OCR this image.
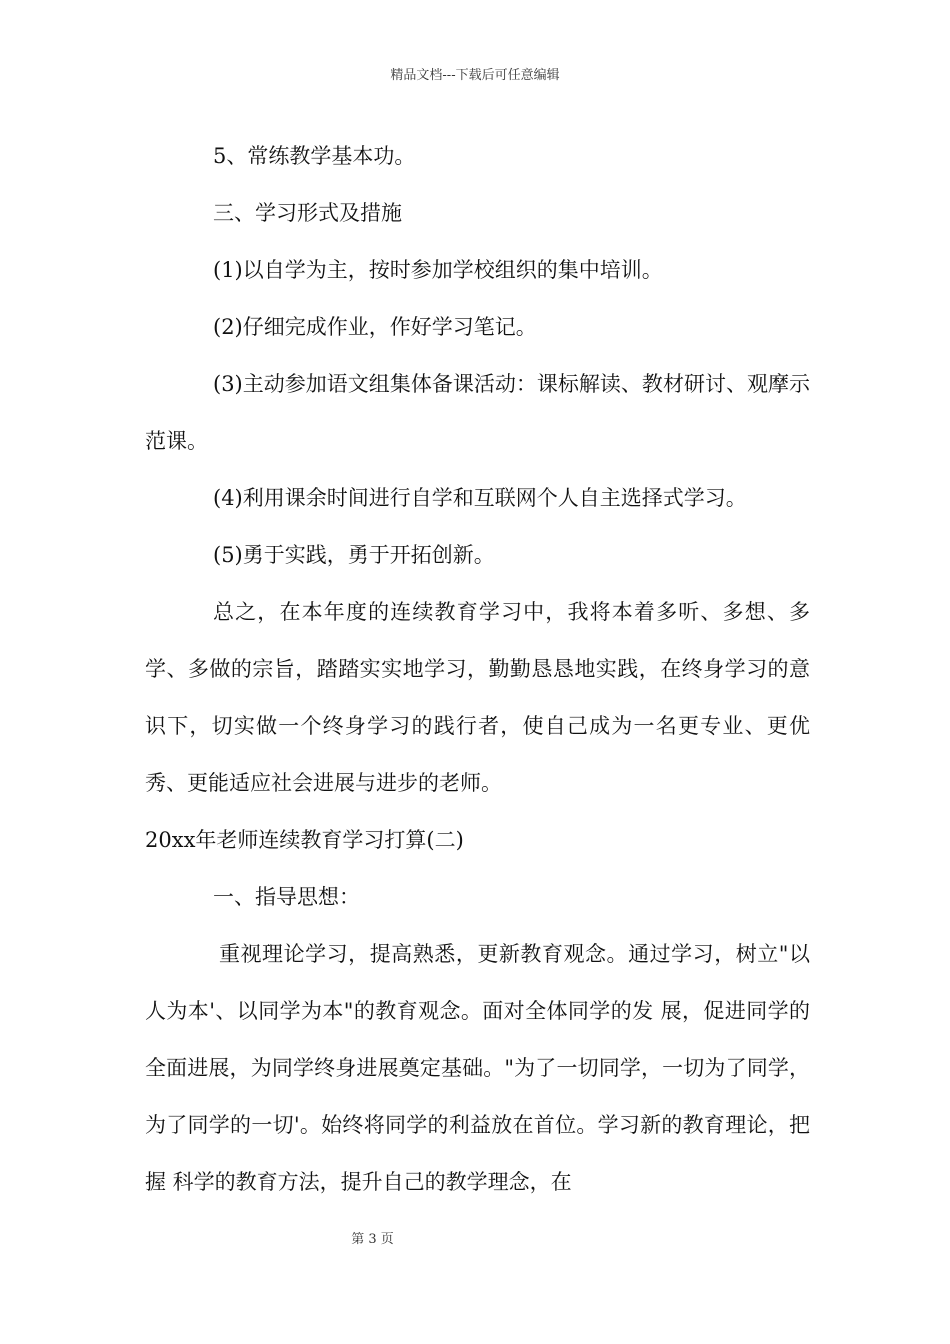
精品文档---下载后可任意编辑

5、常练教学基本功。

三、学习形式及措施

(1)以自学为主，按时参加学校组织的集中培训。

(2)仔细完成作业，作好学习笔记。

(3)主动参加语文组集体备课活动：课标解读、教材研讨、观摩示范课。

(4)利用课余时间进行自学和互联网个人自主选择式学习。

(5)勇于实践，勇于开拓创新。

总之，在本年度的连续教育学习中，我将本着多听、多想、多学、多做的宗旨，踏踏实实地学习，勤勤恳恳地实践，在终身学习的意识下，切实做一个终身学习的践行者，使自己成为一名更专业、更优秀、更能适应社会进展与进步的老师。

20xx年老师连续教育学习打算(二)

一、指导思想：

重视理论学习，提高熟悉，更新教育观念。通过学习，树立"以人为本'、以同学为本"的教育观念。面对全体同学的发 展，促进同学的全面进展，为同学终身进展奠定基础。"为了一切同学，一切为了同学，为了同学的一切'。始终将同学的利益放在首位。学习新的教育理论，把握 科学的教育方法，提升自己的教学理念，在

第 3 页
